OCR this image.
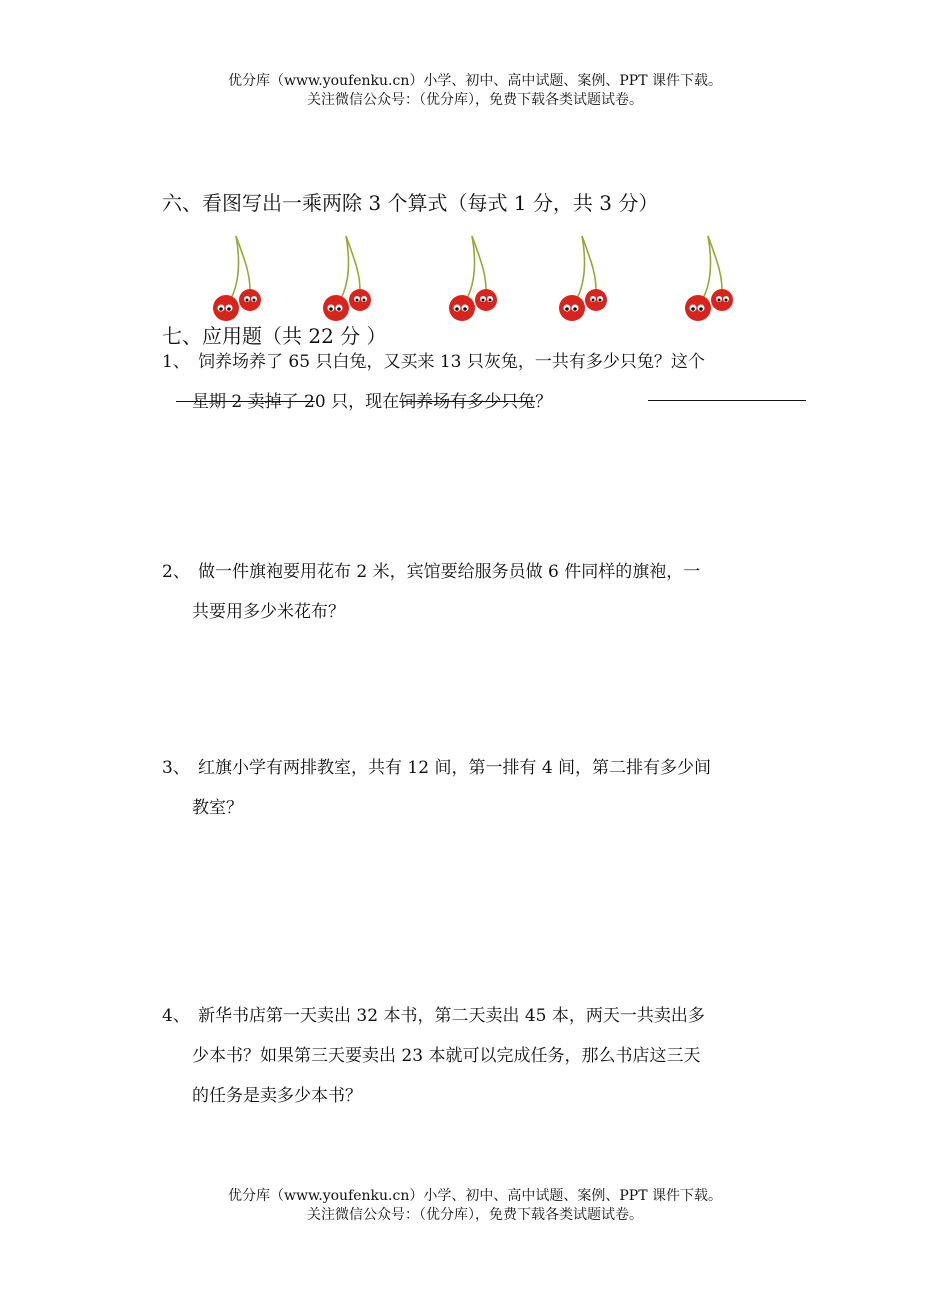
优分库（www.youfenku.cn）小学、初中、高中试题、案例、PPT 课件下载。
关注微信公众号：（优分库），免费下载各类试题试卷。
六、看图写出一乘两除 3 个算式（每式 1 分，共 3 分）
七、应用题（共 22 分 ）
1、 饲养场养了 65 只白兔，又买来 13 只灰兔，一共有多少只兔？这个
星期 2 卖掉了 20 只，现在饲养场有多少只兔？
2、 做一件旗袍要用花布 2 米，宾馆要给服务员做 6 件同样的旗袍，一
共要用多少米花布？
3、 红旗小学有两排教室，共有 12 间，第一排有 4 间，第二排有多少间
教室？
4、 新华书店第一天卖出 32 本书，第二天卖出 45 本，两天一共卖出多
少本书？如果第三天要卖出 23 本就可以完成任务，那么书店这三天
的任务是卖多少本书？
优分库（www.youfenku.cn）小学、初中、高中试题、案例、PPT 课件下载。
关注微信公众号：（优分库），免费下载各类试题试卷。
